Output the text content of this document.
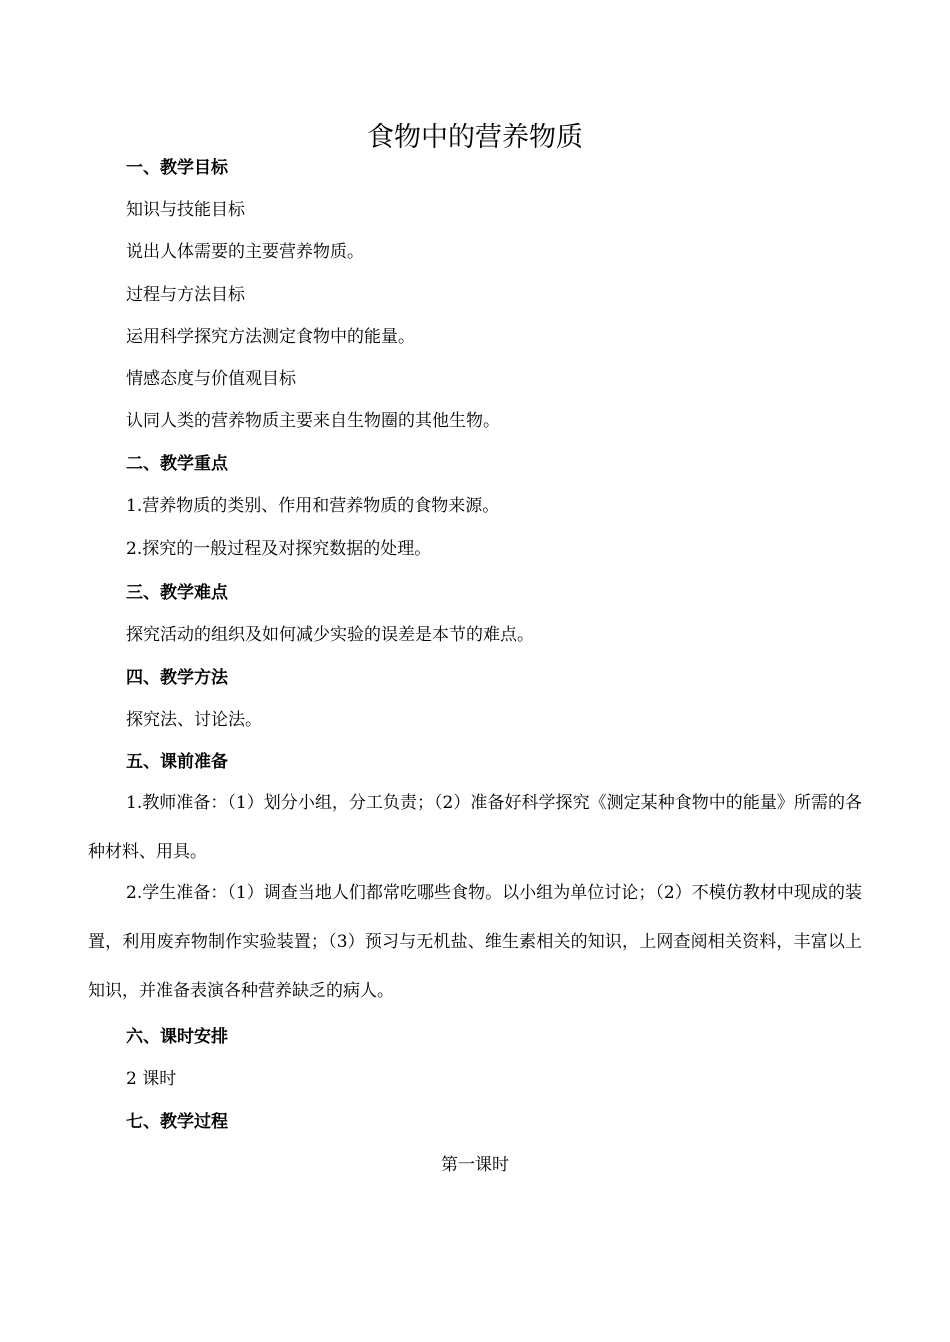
食物中的营养物质

一、教学目标

知识与技能目标

说出人体需要的主要营养物质。

过程与方法目标

运用科学探究方法测定食物中的能量。

情感态度与价值观目标

认同人类的营养物质主要来自生物圈的其他生物。

二、教学重点

1.营养物质的类别、作用和营养物质的食物来源。

2.探究的一般过程及对探究数据的处理。

三、教学难点

探究活动的组织及如何减少实验的误差是本节的难点。

四、教学方法

探究法、讨论法。

五、课前准备

1.教师准备：（1）划分小组，分工负责；（2）准备好科学探究《测定某种食物中的能量》所需的各种材料、用具。

2.学生准备：（1）调查当地人们都常吃哪些食物。以小组为单位讨论；（2）不模仿教材中现成的装置，利用废弃物制作实验装置；（3）预习与无机盐、维生素相关的知识，上网查阅相关资料，丰富以上知识，并准备表演各种营养缺乏的病人。

六、课时安排

2 课时

七、教学过程

第一课时
